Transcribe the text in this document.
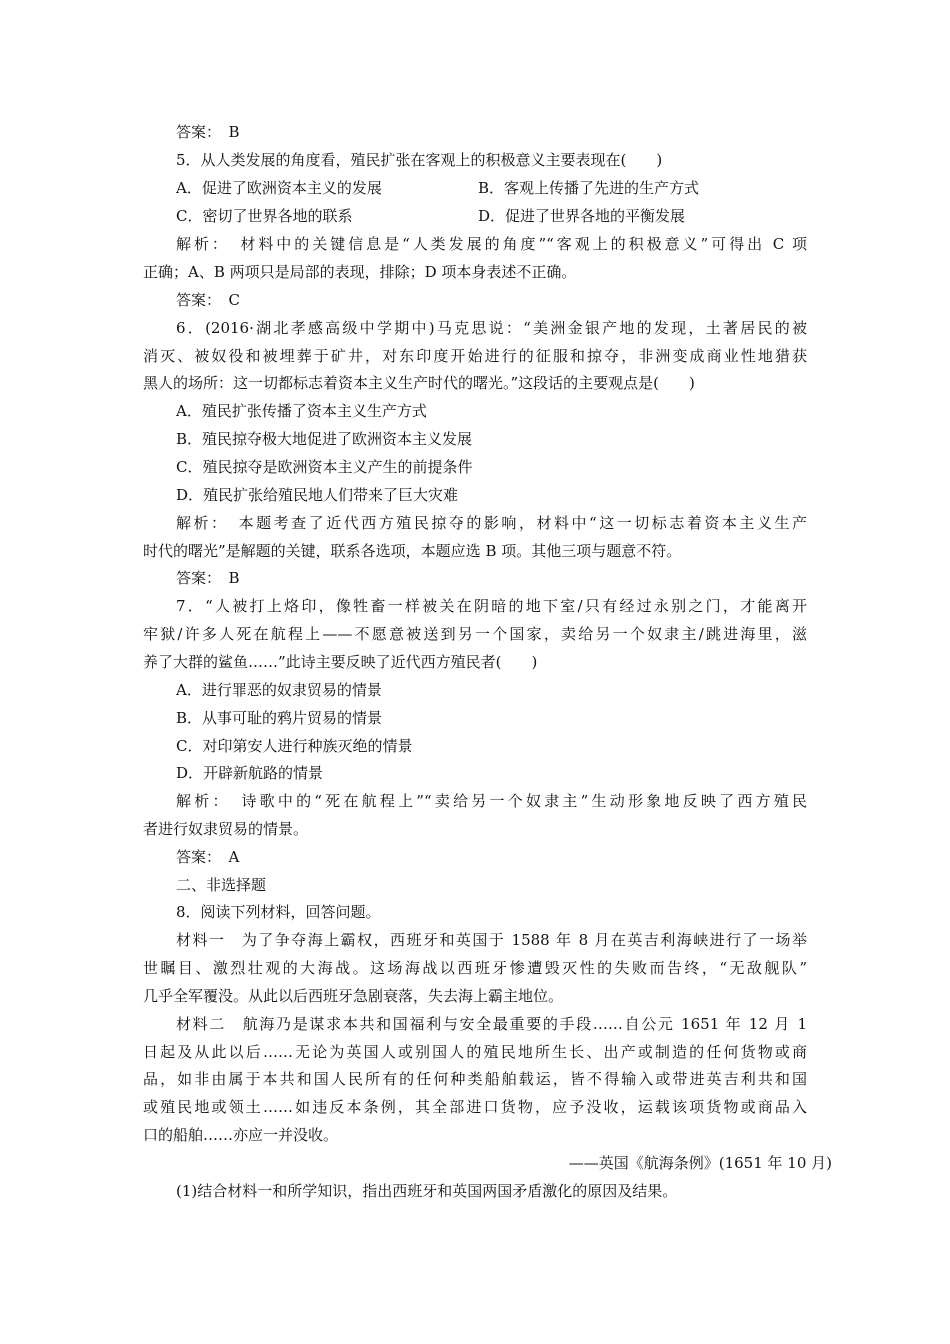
答案：　B
5．从人类发展的角度看，殖民扩张在客观上的积极意义主要表现在(　　)
A．促进了欧洲资本主义的发展	B．客观上传播了先进的生产方式
C．密切了世界各地的联系	D．促进了世界各地的平衡发展
解析：　材料中的关键信息是“人类发展的角度”“客观上的积极意义”可得出 C 项
正确；A、B 两项只是局部的表现，排除；D 项本身表述不正确。
答案：　C
6．(2016·湖北孝感高级中学期中)马克思说：“美洲金银产地的发现，土著居民的被
消灭、被奴役和被埋葬于矿井，对东印度开始进行的征服和掠夺，非洲变成商业性地猎获
黑人的场所：这一切都标志着资本主义生产时代的曙光。”这段话的主要观点是(　　)
A．殖民扩张传播了资本主义生产方式
B．殖民掠夺极大地促进了欧洲资本主义发展
C．殖民掠夺是欧洲资本主义产生的前提条件
D．殖民扩张给殖民地人们带来了巨大灾难
解析：　本题考查了近代西方殖民掠夺的影响，材料中“这一切标志着资本主义生产
时代的曙光”是解题的关键，联系各选项，本题应选 B 项。其他三项与题意不符。
答案：　B
7．“人被打上烙印，像牲畜一样被关在阴暗的地下室/只有经过永别之门，才能离开
牢狱/许多人死在航程上——不愿意被送到另一个国家，卖给另一个奴隶主/跳进海里，滋
养了大群的鲨鱼……”此诗主要反映了近代西方殖民者(　　)
A．进行罪恶的奴隶贸易的情景
B．从事可耻的鸦片贸易的情景
C．对印第安人进行种族灭绝的情景
D．开辟新航路的情景
解析：　诗歌中的“死在航程上”“卖给另一个奴隶主”生动形象地反映了西方殖民
者进行奴隶贸易的情景。
答案：　A
二、非选择题
8．阅读下列材料，回答问题。
材料一　为了争夺海上霸权，西班牙和英国于 1588 年 8 月在英吉利海峡进行了一场举
世瞩目、激烈壮观的大海战。这场海战以西班牙惨遭毁灭性的失败而告终，“无敌舰队”
几乎全军覆没。从此以后西班牙急剧衰落，失去海上霸主地位。
材料二　航海乃是谋求本共和国福利与安全最重要的手段……自公元 1651 年 12 月 1
日起及从此以后……无论为英国人或别国人的殖民地所生长、出产或制造的任何货物或商
品，如非由属于本共和国人民所有的任何种类船舶载运，皆不得输入或带进英吉利共和国
或殖民地或领土……如违反本条例，其全部进口货物，应予没收，运载该项货物或商品入
口的船舶……亦应一并没收。
——英国《航海条例》(1651 年 10 月)
(1)结合材料一和所学知识，指出西班牙和英国两国矛盾激化的原因及结果。
